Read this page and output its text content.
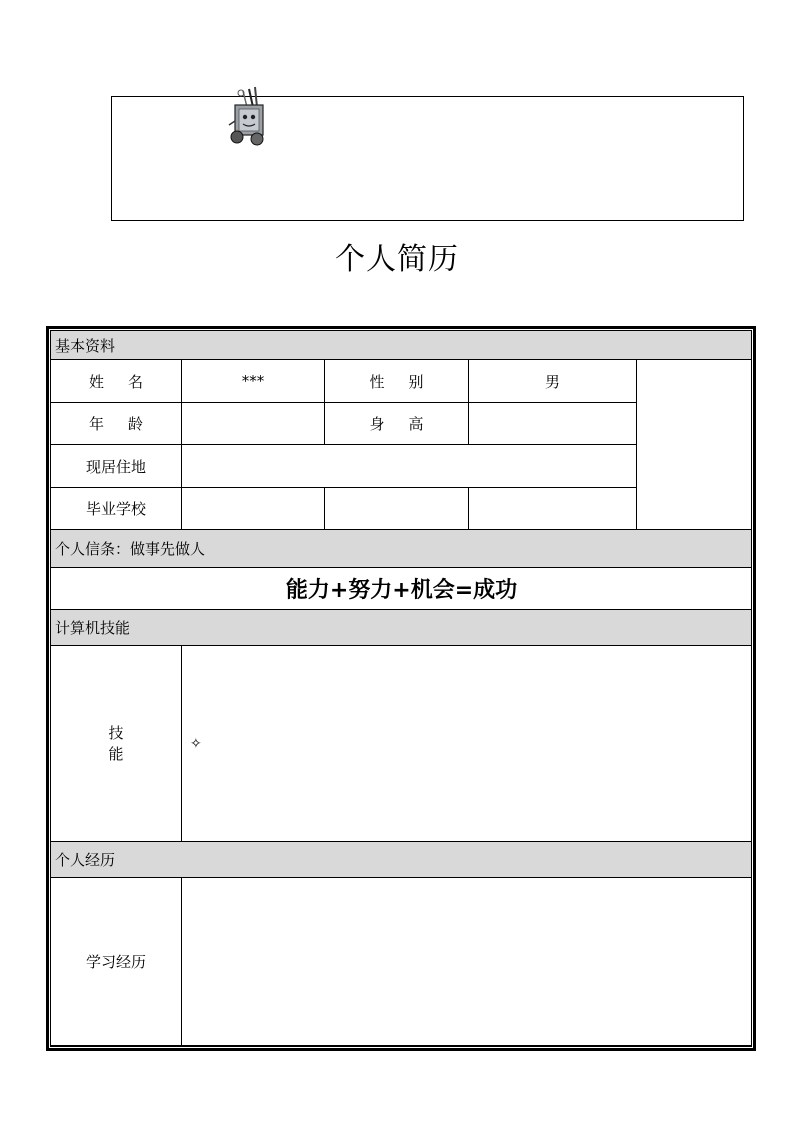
个人简历
基本资料				
姓名	***	性别	男	
年龄		身高		
现居住地				
毕业学校				
个人信条：做事先做人				
能力+努力+机会=成功				
计算机技能				
技
能	✧			
个人经历				
学习经历				
